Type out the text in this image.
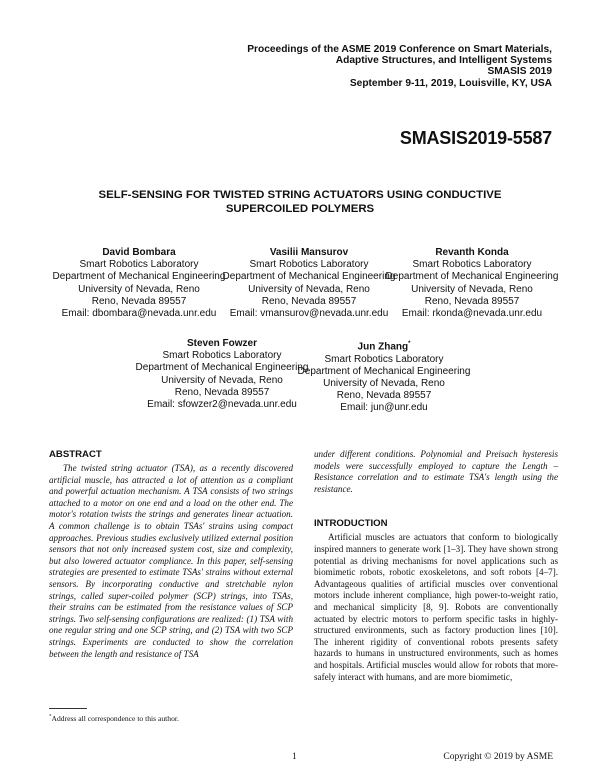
Proceedings of the ASME 2019 Conference on Smart Materials,
Adaptive Structures, and Intelligent Systems
SMASIS 2019
September 9-11, 2019, Louisville, KY, USA
SMASIS2019-5587
SELF-SENSING FOR TWISTED STRING ACTUATORS USING CONDUCTIVE
SUPERCOILED POLYMERS
David Bombara
Smart Robotics Laboratory
Department of Mechanical Engineering
University of Nevada, Reno
Reno, Nevada 89557
Email: dbombara@nevada.unr.edu
Vasilii Mansurov
Smart Robotics Laboratory
Department of Mechanical Engineering
University of Nevada, Reno
Reno, Nevada 89557
Email: vmansurov@nevada.unr.edu
Revanth Konda
Smart Robotics Laboratory
Department of Mechanical Engineering
University of Nevada, Reno
Reno, Nevada 89557
Email: rkonda@nevada.unr.edu
Steven Fowzer
Smart Robotics Laboratory
Department of Mechanical Engineering
University of Nevada, Reno
Reno, Nevada 89557
Email: sfowzer2@nevada.unr.edu
Jun Zhang*
Smart Robotics Laboratory
Department of Mechanical Engineering
University of Nevada, Reno
Reno, Nevada 89557
Email: jun@unr.edu
ABSTRACT

The twisted string actuator (TSA), as a recently discovered artificial muscle, has attracted a lot of attention as a compliant and powerful actuation mechanism. A TSA consists of two strings attached to a motor on one end and a load on the other end. The motor's rotation twists the strings and generates linear actuation. A common challenge is to obtain TSAs' strains using compact approaches. Previous studies exclusively utilized external position sensors that not only increased system cost, size and complexity, but also lowered actuator compliance. In this paper, self-sensing strategies are presented to estimate TSAs' strains without external sensors. By incorporating conductive and stretchable nylon strings, called super-coiled polymer (SCP) strings, into TSAs, their strains can be estimated from the resistance values of SCP strings. Two self-sensing configurations are realized: (1) TSA with one regular string and one SCP string, and (2) TSA with two SCP strings. Experiments are conducted to show the correlation between the length and resistance of TSA

under different conditions. Polynomial and Preisach hysteresis models were successfully employed to capture the Length – Resistance correlation and to estimate TSA's length using the resistance.

INTRODUCTION

Artificial muscles are actuators that conform to biologically inspired manners to generate work [1–3]. They have shown strong potential as driving mechanisms for novel applications such as biomimetic robots, robotic exoskeletons, and soft robots [4–7]. Advantageous qualities of artificial muscles over conventional motors include inherent compliance, high power-to-weight ratio, and mechanical simplicity [8, 9]. Robots are conventionally actuated by electric motors to perform specific tasks in highly-structured environments, such as factory production lines [10]. The inherent rigidity of conventional robots presents safety hazards to humans in unstructured environments, such as homes and hospitals. Artificial muscles would allow for robots that more-safely interact with humans, and are more biomimetic,

*Address all correspondence to this author.
1	Copyright © 2019 by ASME
